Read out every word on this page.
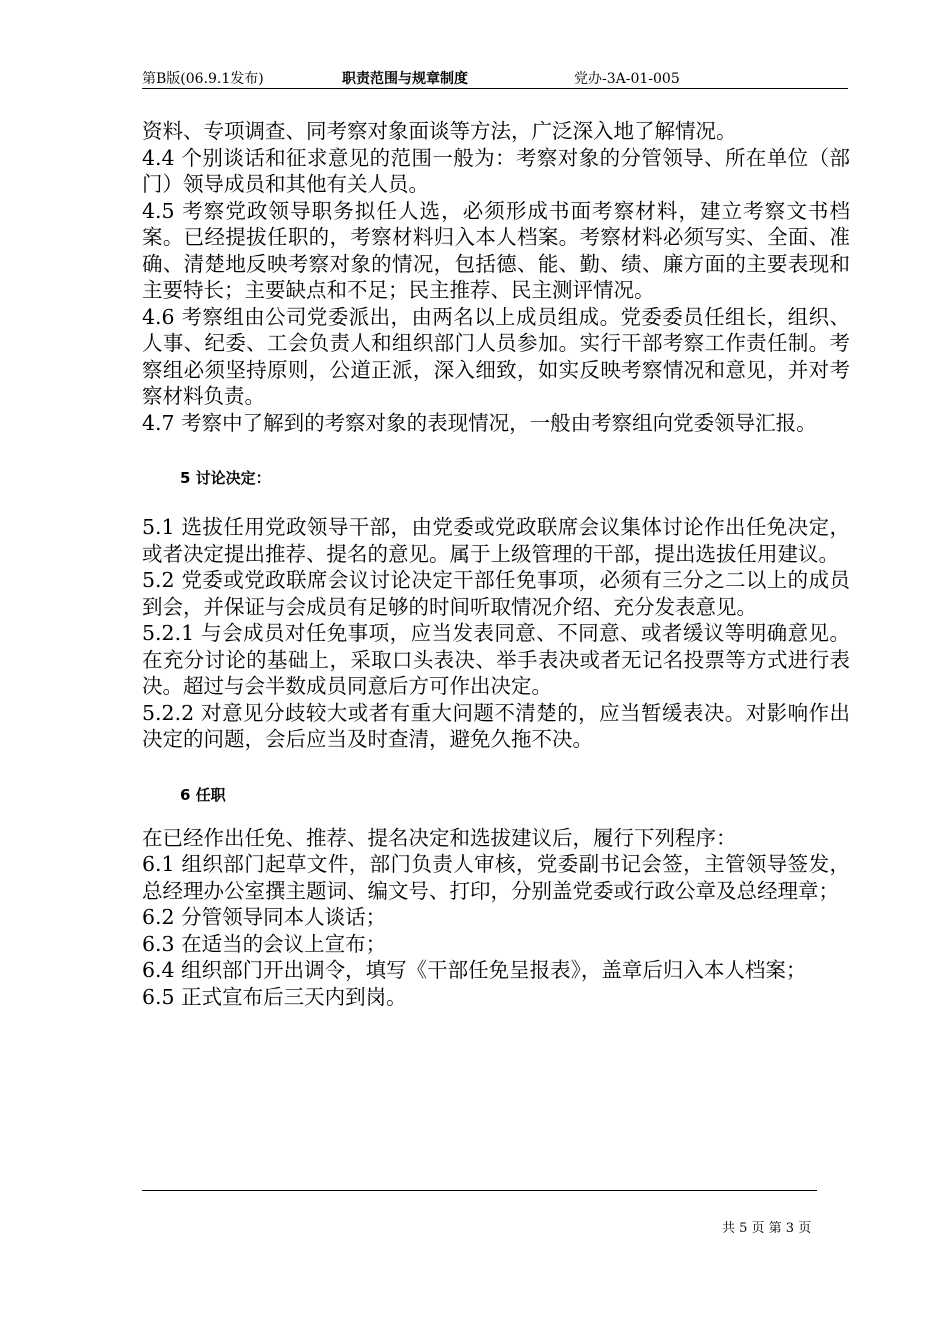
第B版(06.9.1发布)	职责范围与规章制度	党办-3A-01-005

资料、专项调查、同考察对象面谈等方法，广泛深入地了解情况。

4.4 个别谈话和征求意见的范围一般为：考察对象的分管领导、所在单位（部门）领导成员和其他有关人员。

4.5 考察党政领导职务拟任人选，必须形成书面考察材料，建立考察文书档案。已经提拔任职的，考察材料归入本人档案。考察材料必须写实、全面、准确、清楚地反映考察对象的情况，包括德、能、勤、绩、廉方面的主要表现和主要特长；主要缺点和不足；民主推荐、民主测评情况。

4.6 考察组由公司党委派出，由两名以上成员组成。党委委员任组长，组织、人事、纪委、工会负责人和组织部门人员参加。实行干部考察工作责任制。考察组必须坚持原则，公道正派，深入细致，如实反映考察情况和意见，并对考察材料负责。

4.7 考察中了解到的考察对象的表现情况，一般由考察组向党委领导汇报。

5 讨论决定：

5.1 选拔任用党政领导干部，由党委或党政联席会议集体讨论作出任免决定，或者决定提出推荐、提名的意见。属于上级管理的干部，提出选拔任用建议。

5.2 党委或党政联席会议讨论决定干部任免事项，必须有三分之二以上的成员到会，并保证与会成员有足够的时间听取情况介绍、充分发表意见。

5.2.1 与会成员对任免事项，应当发表同意、不同意、或者缓议等明确意见。在充分讨论的基础上，采取口头表决、举手表决或者无记名投票等方式进行表决。超过与会半数成员同意后方可作出决定。

5.2.2 对意见分歧较大或者有重大问题不清楚的，应当暂缓表决。对影响作出决定的问题，会后应当及时查清，避免久拖不决。

6 任职

在已经作出任免、推荐、提名决定和选拔建议后，履行下列程序：

6.1 组织部门起草文件，部门负责人审核，党委副书记会签，主管领导签发，总经理办公室撰主题词、编文号、打印，分别盖党委或行政公章及总经理章；

6.2 分管领导同本人谈话；

6.3 在适当的会议上宣布；

6.4 组织部门开出调令，填写《干部任免呈报表》，盖章后归入本人档案；

6.5 正式宣布后三天内到岗。

共 5 页 第 3 页
